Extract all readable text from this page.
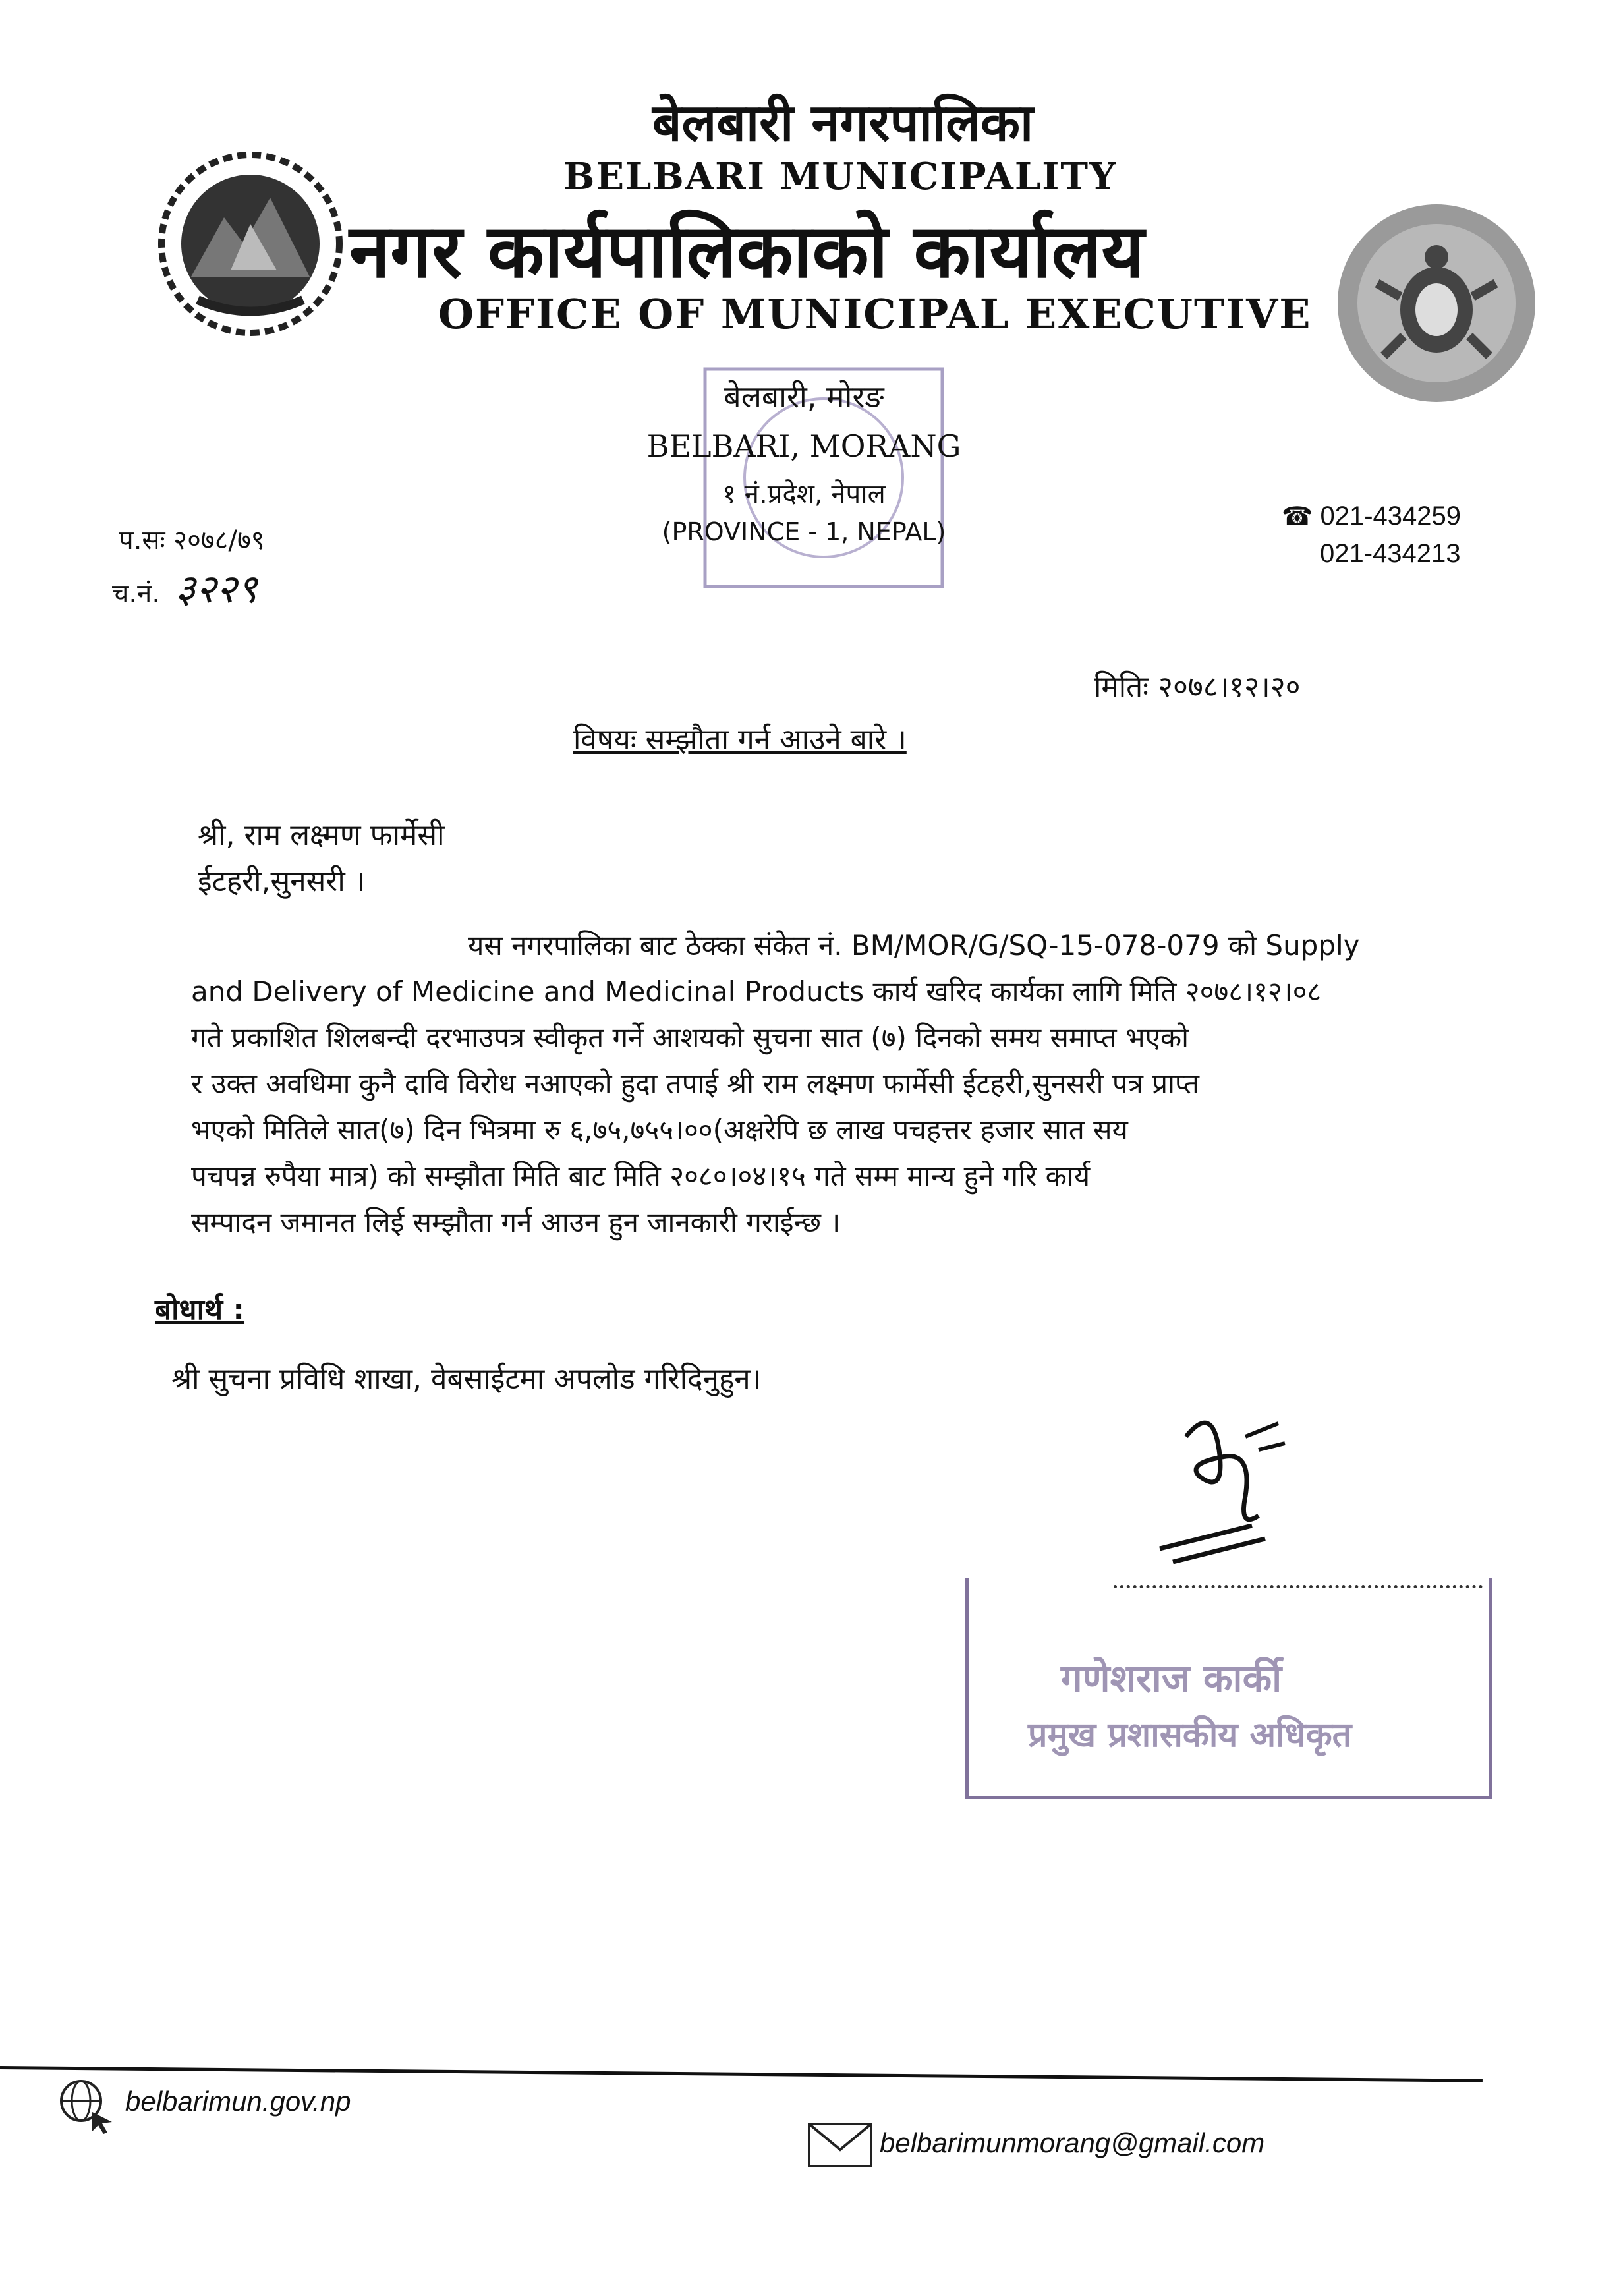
बेलबारी नगरपालिका
BELBARI MUNICIPALITY
नगर कार्यपालिकाको कार्यालय
OFFICE OF MUNICIPAL EXECUTIVE
बेलबारी, मोरङ
BELBARI, MORANG
१ नं.प्रदेश, नेपाल
(PROVINCE - 1, NEPAL)
☎ 021-434259
021-434213
प.सः २०७८/७९
च.नं. ३२२९
मितिः २०७८।१२।२०
विषयः सम्झौता गर्न आउने बारे ।
श्री, राम लक्ष्मण फार्मेसी
ईटहरी,सुनसरी ।
यस नगरपालिका बाट ठेक्का संकेत नं. BM/MOR/G/SQ-15-078-079 को Supply
and Delivery of Medicine and Medicinal Products कार्य खरिद कार्यका लागि मिति २०७८।१२।०८
गते प्रकाशित शिलबन्दी दरभाउपत्र स्वीकृत गर्ने आशयको सुचना सात (७) दिनको समय समाप्त भएको
र उक्त अवधिमा कुनै दावि विरोध नआएको हुदा तपाई श्री राम लक्ष्मण फार्मेसी ईटहरी,सुनसरी पत्र प्राप्त
भएको मितिले सात(७) दिन भित्रमा रु ६,७५,७५५।००(अक्षरेपि छ लाख पचहत्तर हजार सात सय
पचपन्न रुपैया मात्र) को सम्झौता मिति बाट मिति २०८०।०४।१५ गते सम्म मान्य हुने गरि कार्य
सम्पादन जमानत लिई सम्झौता गर्न आउन हुन जानकारी गराईन्छ ।
बोधार्थ :
श्री सुचना प्रविधि शाखा, वेबसाईटमा अपलोड गरिदिनुहुन।
गणेशराज कार्की
प्रमुख प्रशासकीय अधिकृत
belbarimun.gov.np
belbarimunmorang@gmail.com
